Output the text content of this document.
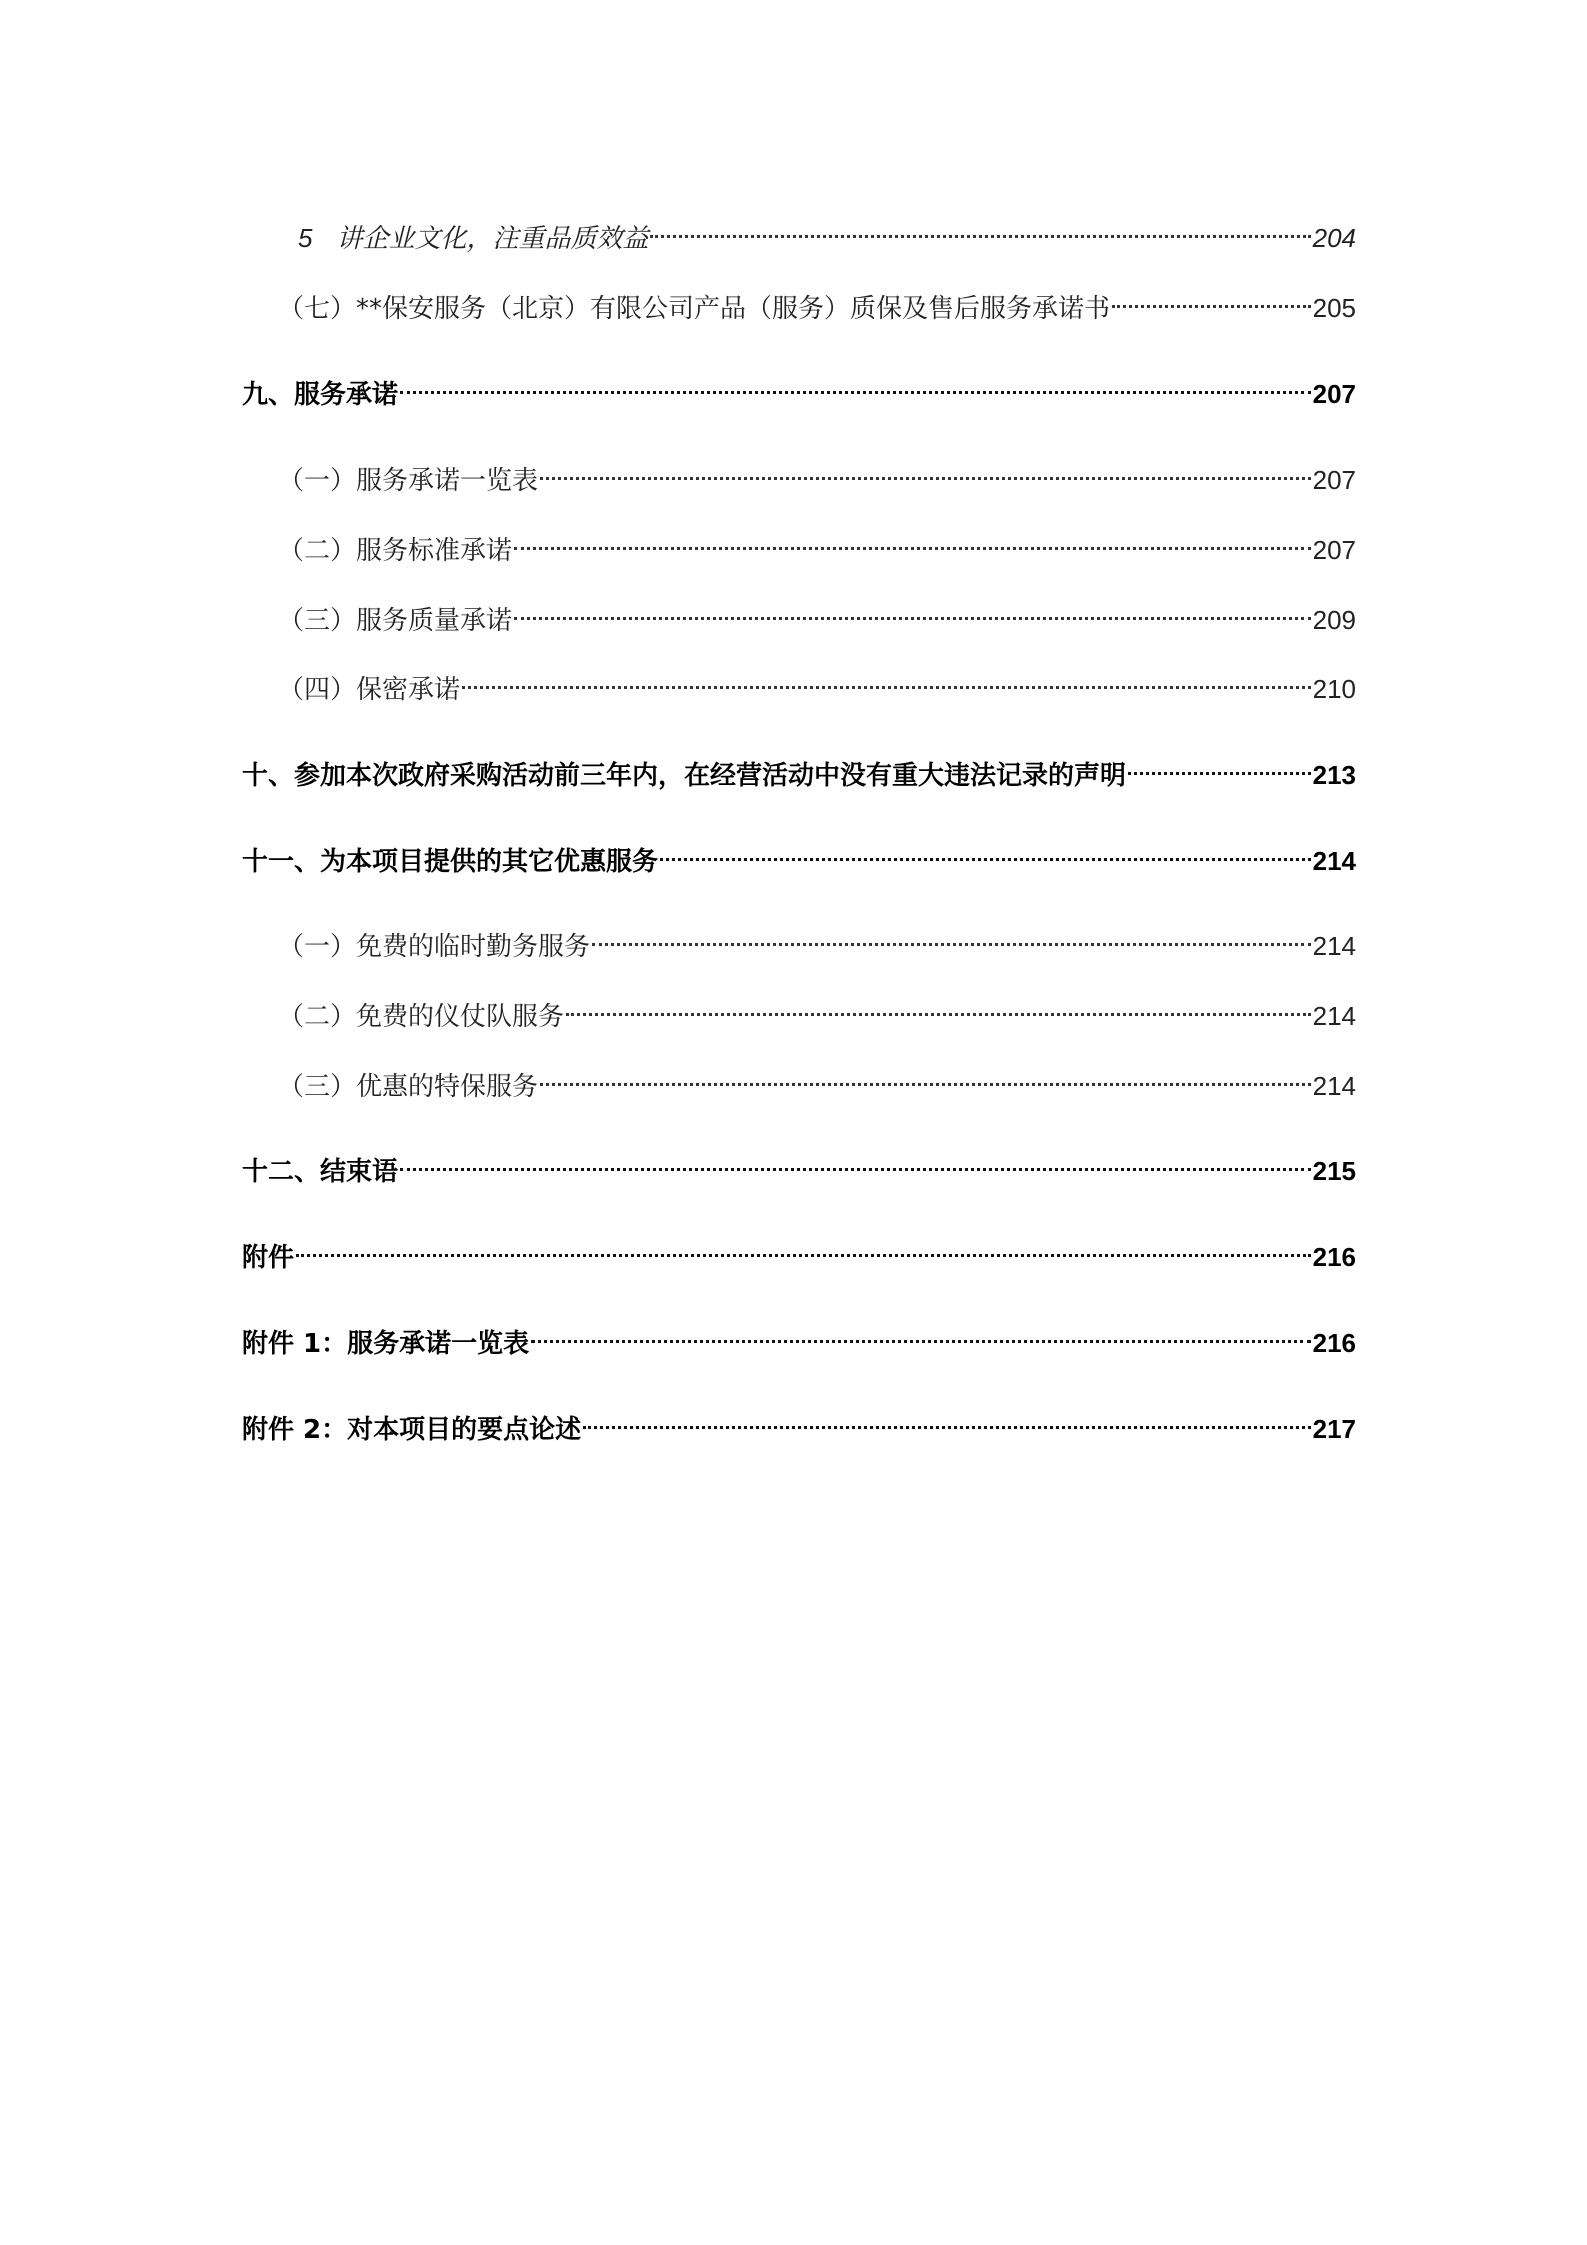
5 讲企业文化，注重品质效益	204
（七）**保安服务（北京）有限公司产品（服务）质保及售后服务承诺书	205
九、服务承诺	207
（一）服务承诺一览表	207
（二）服务标准承诺	207
（三）服务质量承诺	209
（四）保密承诺	210
十、参加本次政府采购活动前三年内，在经营活动中没有重大违法记录的声明	213
十一、为本项目提供的其它优惠服务	214
（一）免费的临时勤务服务	214
（二）免费的仪仗队服务	214
（三）优惠的特保服务	214
十二、结束语	215
附件	216
附件 1：服务承诺一览表	216
附件 2：对本项目的要点论述	217
